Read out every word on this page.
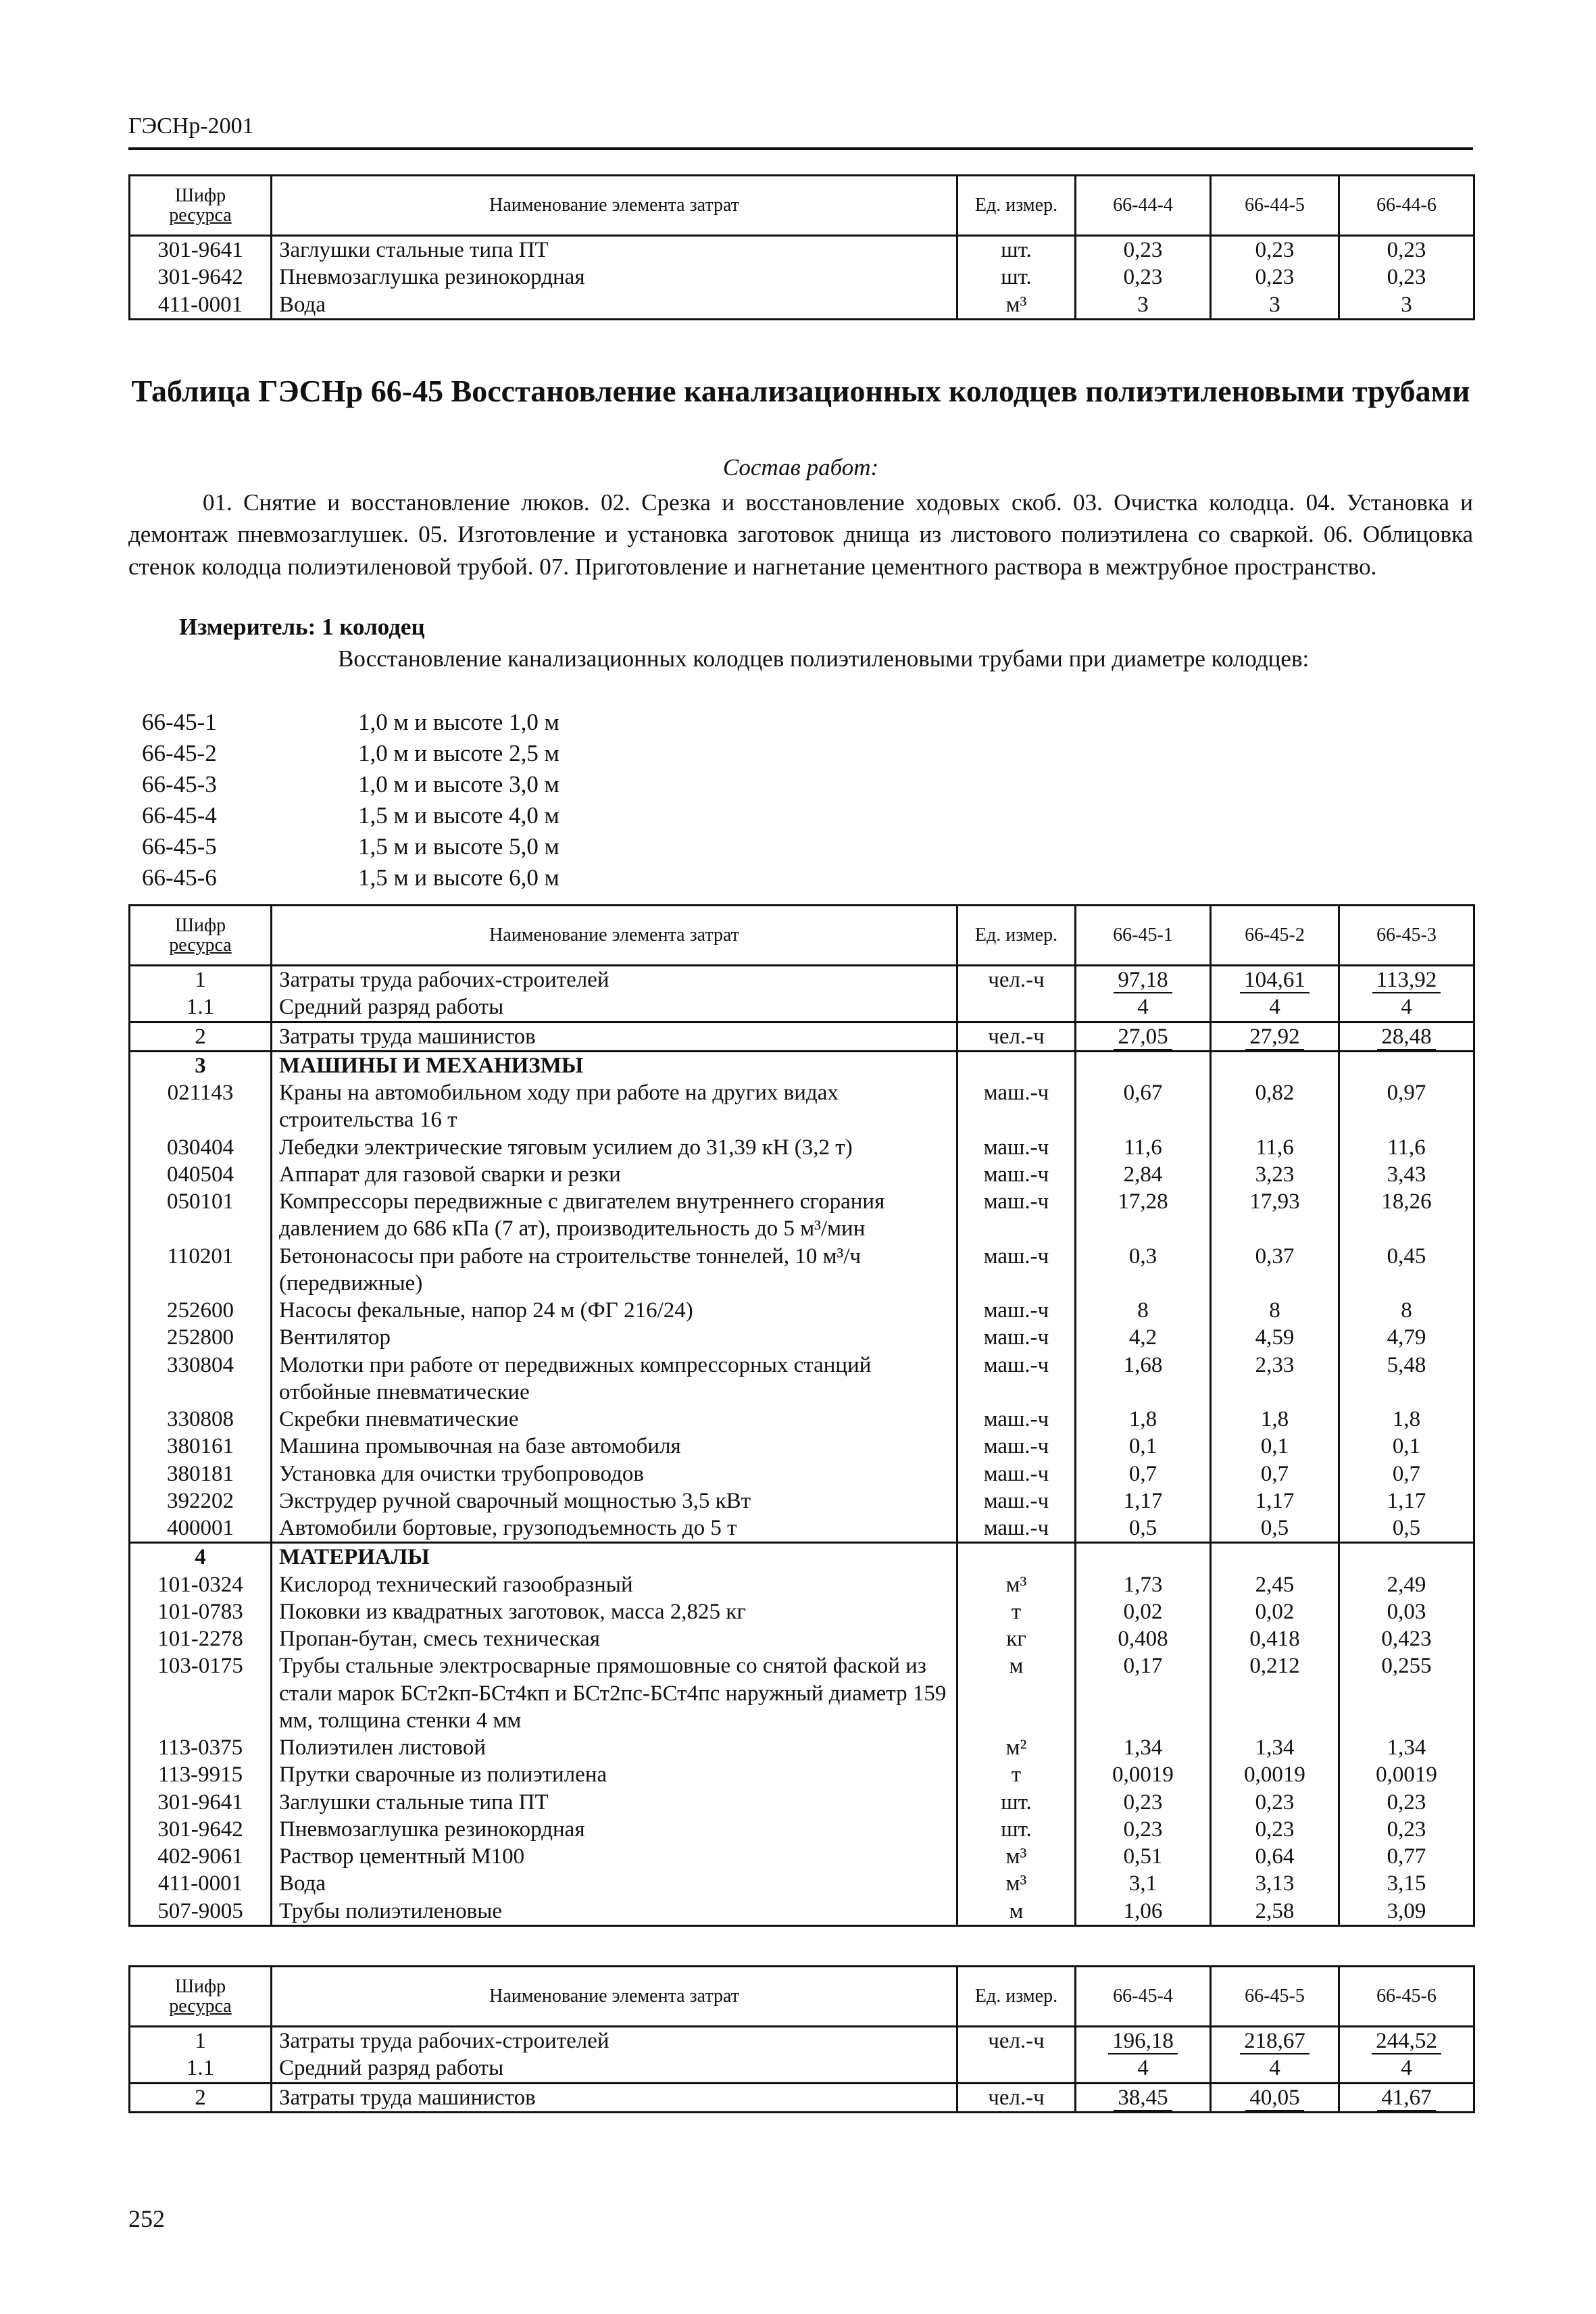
ГЭСНр-2001
Шифр
ресурса	Наименование элемента затрат	Ед. измер.	66-44-4	66-44-5	66-44-6
301-9641	Заглушки стальные типа ПТ	шт.	0,23	0,23	0,23
301-9642	Пневмозаглушка резинокордная	шт.	0,23	0,23	0,23
411-0001	Вода	м³	3	3	3
Таблица ГЭСНр 66-45 Восстановление канализационных колодцев полиэтиленовыми трубами
Состав работ:
01. Снятие и восстановление люков. 02. Срезка и восстановление ходовых скоб. 03. Очистка колодца. 04. Установка и демонтаж пневмозаглушек. 05. Изготовление и установка заготовок днища из листового полиэтилена со сваркой. 06. Облицовка стенок колодца полиэтиленовой трубой. 07. Приготовление и нагнетание цементного раствора в межтрубное пространство.
Измеритель: 1 колодец
Восстановление канализационных колодцев полиэтиленовыми трубами при диаметре колодцев:
66-45-1	1,0 м и высоте 1,0 м
66-45-2	1,0 м и высоте 2,5 м
66-45-3	1,0 м и высоте 3,0 м
66-45-4	1,5 м и высоте 4,0 м
66-45-5	1,5 м и высоте 5,0 м
66-45-6	1,5 м и высоте 6,0 м
Шифр
ресурса	Наименование элемента затрат	Ед. измер.	66-45-1	66-45-2	66-45-3
1	Затраты труда рабочих-строителей	чел.-ч	97,18	104,61	113,92
1.1	Средний разряд работы		4	4	4
2	Затраты труда машинистов	чел.-ч	27,05	27,92	28,48
3	МАШИНЫ И МЕХАНИЗМЫ				
021143	Краны на автомобильном ходу при работе на других видах строительства 16 т	маш.-ч	0,67	0,82	0,97
030404	Лебедки электрические тяговым усилием до 31,39 кН (3,2 т)	маш.-ч	11,6	11,6	11,6
040504	Аппарат для газовой сварки и резки	маш.-ч	2,84	3,23	3,43
050101	Компрессоры передвижные с двигателем внутреннего сгорания давлением до 686 кПа (7 ат), производительность до 5 м³/мин	маш.-ч	17,28	17,93	18,26
110201	Бетононасосы при работе на строительстве тоннелей, 10 м³/ч (передвижные)	маш.-ч	0,3	0,37	0,45
252600	Насосы фекальные, напор 24 м (ФГ 216/24)	маш.-ч	8	8	8
252800	Вентилятор	маш.-ч	4,2	4,59	4,79
330804	Молотки при работе от передвижных компрессорных станций отбойные пневматические	маш.-ч	1,68	2,33	5,48
330808	Скребки пневматические	маш.-ч	1,8	1,8	1,8
380161	Машина промывочная на базе автомобиля	маш.-ч	0,1	0,1	0,1
380181	Установка для очистки трубопроводов	маш.-ч	0,7	0,7	0,7
392202	Экструдер ручной сварочный мощностью 3,5 кВт	маш.-ч	1,17	1,17	1,17
400001	Автомобили бортовые, грузоподъемность до 5 т	маш.-ч	0,5	0,5	0,5
4	МАТЕРИАЛЫ				
101-0324	Кислород технический газообразный	м³	1,73	2,45	2,49
101-0783	Поковки из квадратных заготовок, масса 2,825 кг	т	0,02	0,02	0,03
101-2278	Пропан-бутан, смесь техническая	кг	0,408	0,418	0,423
103-0175	Трубы стальные электросварные прямошовные со снятой фаской из стали марок БСт2кп-БСт4кп и БСт2пс-БСт4пс наружный диаметр 159 мм, толщина стенки 4 мм	м	0,17	0,212	0,255
113-0375	Полиэтилен листовой	м²	1,34	1,34	1,34
113-9915	Прутки сварочные из полиэтилена	т	0,0019	0,0019	0,0019
301-9641	Заглушки стальные типа ПТ	шт.	0,23	0,23	0,23
301-9642	Пневмозаглушка резинокордная	шт.	0,23	0,23	0,23
402-9061	Раствор цементный М100	м³	0,51	0,64	0,77
411-0001	Вода	м³	3,1	3,13	3,15
507-9005	Трубы полиэтиленовые	м	1,06	2,58	3,09
Шифр
ресурса	Наименование элемента затрат	Ед. измер.	66-45-4	66-45-5	66-45-6
1	Затраты труда рабочих-строителей	чел.-ч	196,18	218,67	244,52
1.1	Средний разряд работы		4	4	4
2	Затраты труда машинистов	чел.-ч	38,45	40,05	41,67
252
